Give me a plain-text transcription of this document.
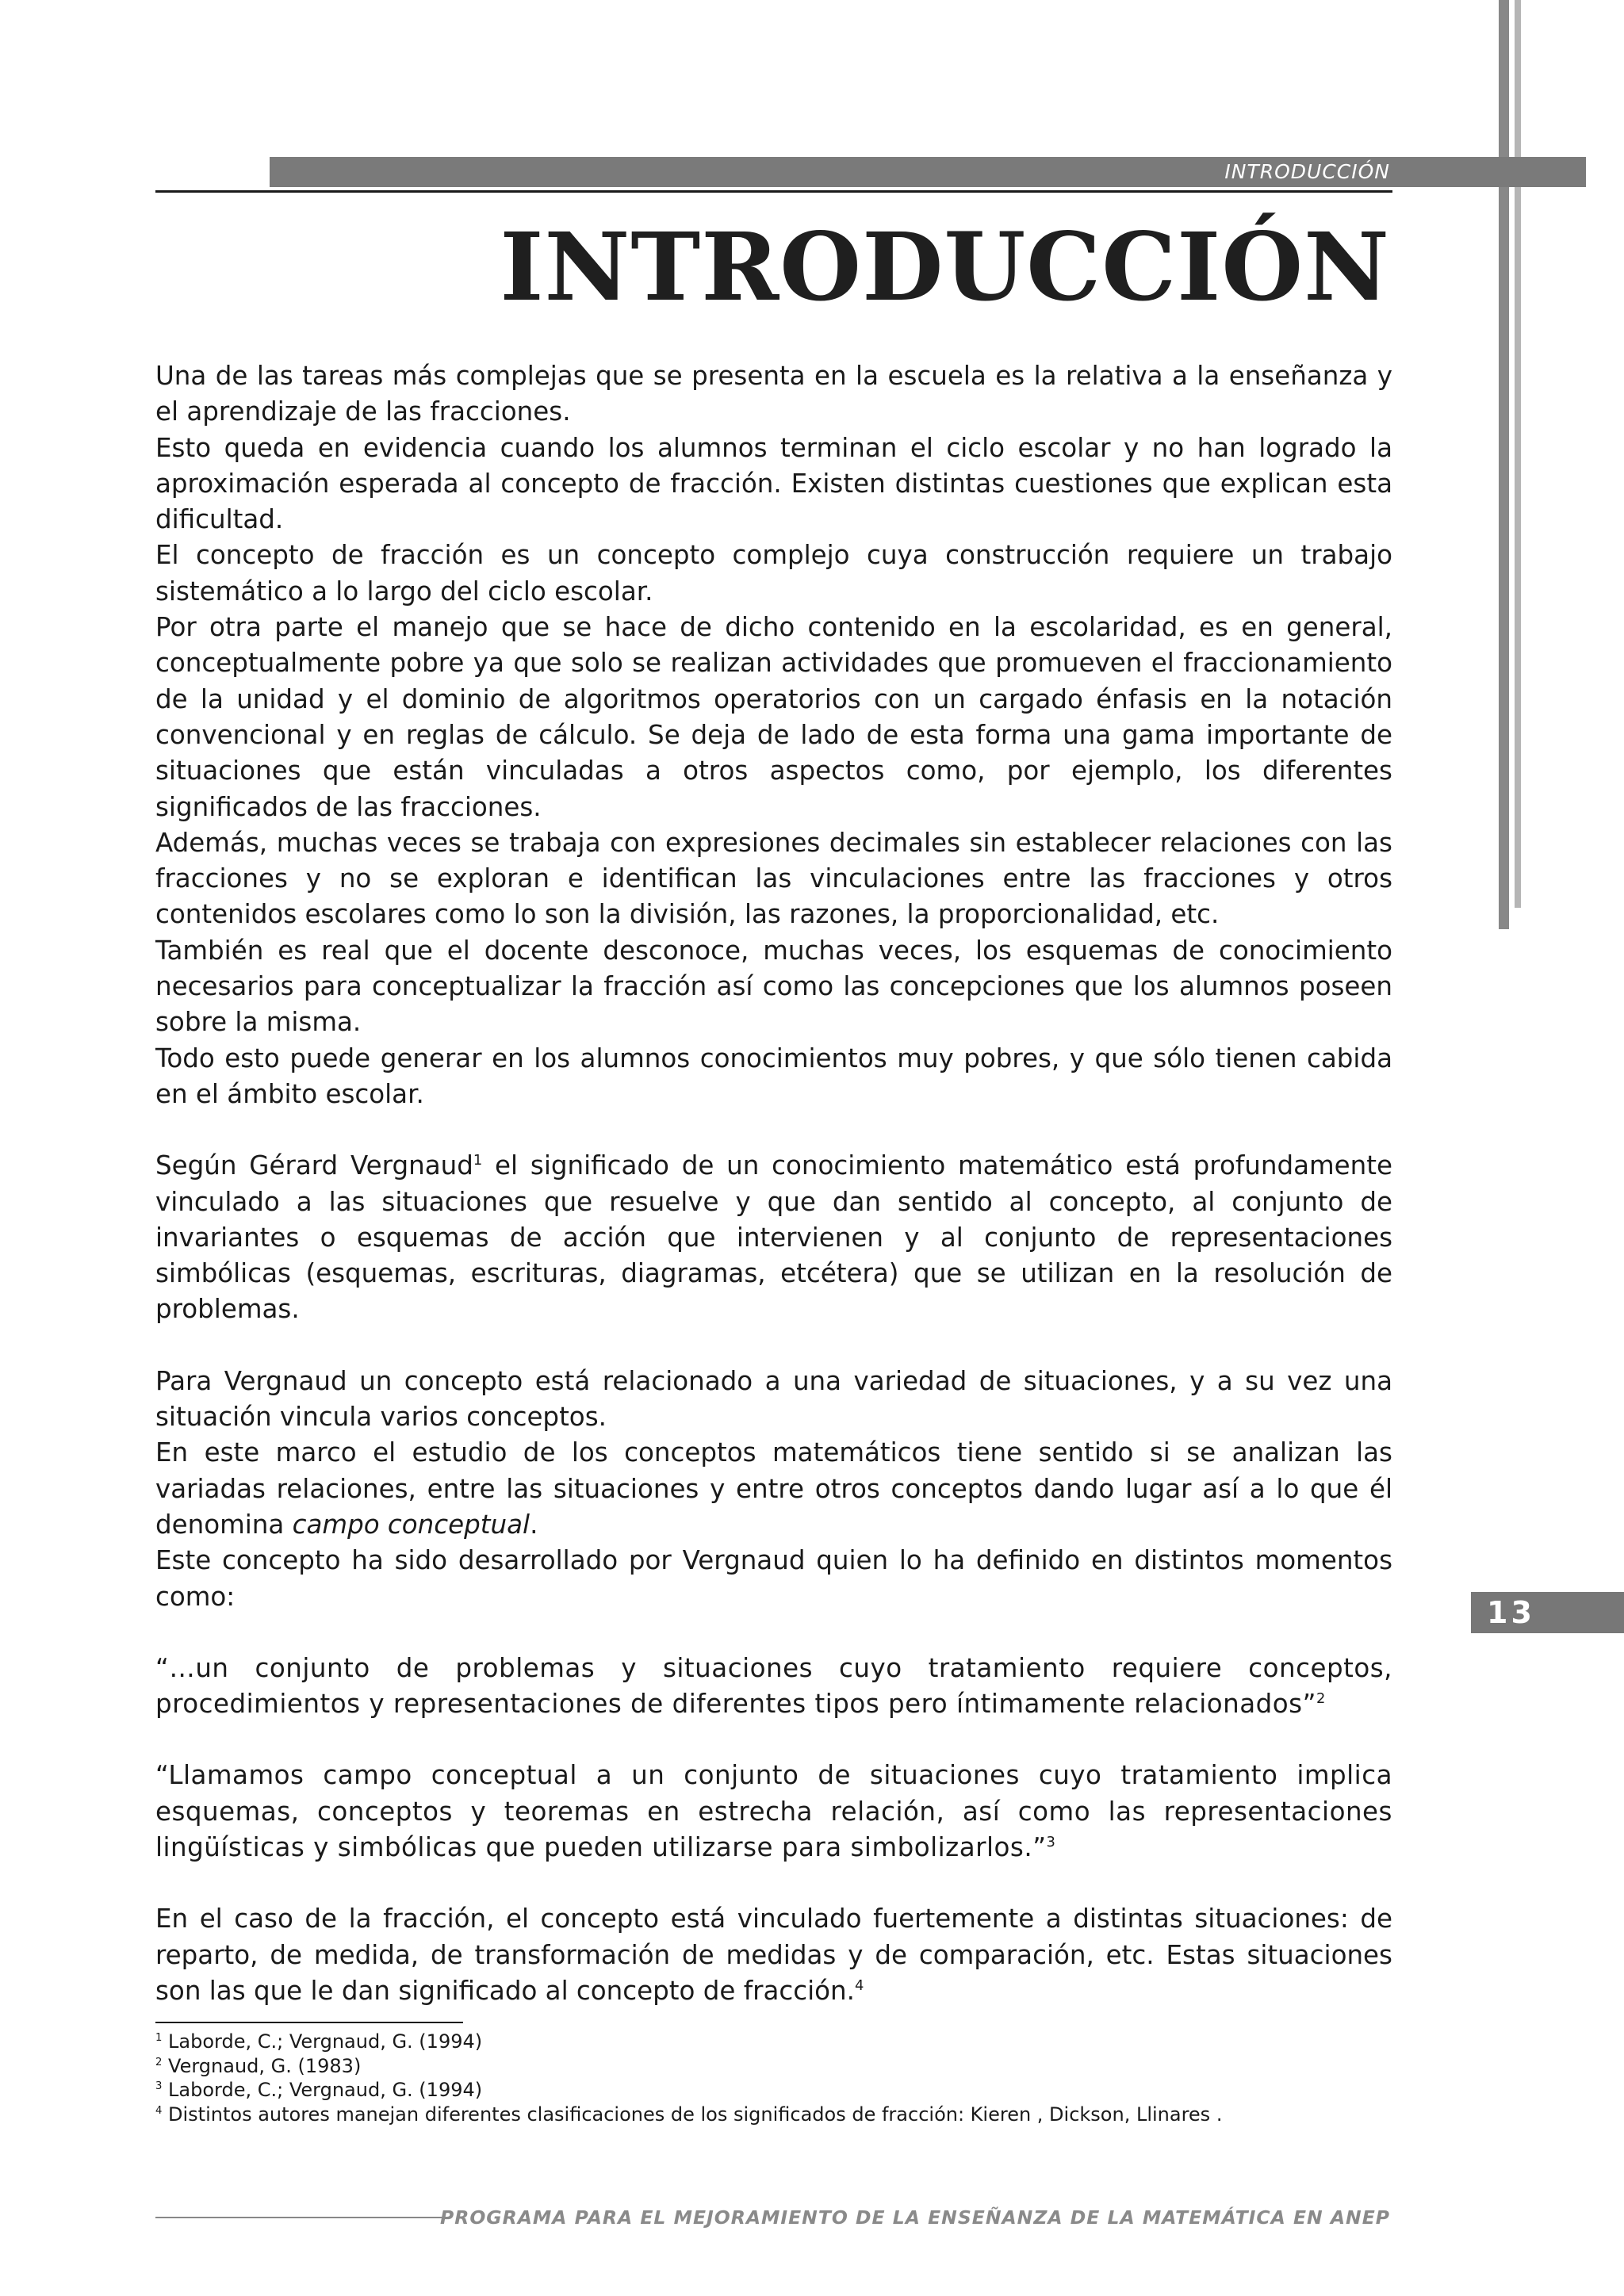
INTRODUCCIÓN
INTRODUCCIÓN

Una de las tareas más complejas que se presenta en la escuela es la relativa a la enseñanza y el aprendizaje de las fracciones.

Esto queda en evidencia cuando los alumnos terminan el ciclo escolar y no han logrado la aproximación esperada al concepto de fracción. Existen distintas cuestiones que explican esta dificultad.

El concepto de fracción es un concepto complejo cuya construcción requiere un trabajo sistemático a lo largo del ciclo escolar.

Por otra parte el manejo que se hace de dicho contenido en la escolaridad, es en general, conceptualmente pobre ya que solo se realizan actividades que promueven el fraccionamiento de la unidad y el dominio de algoritmos operatorios con un cargado énfasis en la notación convencional y en reglas de cálculo. Se deja de lado de esta forma una gama importante de situaciones que están vinculadas a otros aspectos como, por ejemplo, los diferentes significados de las fracciones.

Además, muchas veces se trabaja con expresiones decimales sin establecer relaciones con las fracciones y no se exploran e identifican las vinculaciones entre las fracciones y otros contenidos escolares como lo son la división, las razones, la proporcionalidad, etc.

También es real que el docente desconoce, muchas veces, los esquemas de conocimiento necesarios para conceptualizar la fracción así como las concepciones que los alumnos poseen sobre la misma.

Todo esto puede generar en los alumnos conocimientos muy pobres, y que sólo tienen cabida en el ámbito escolar.

Según Gérard Vergnaud$^1$ el significado de un conocimiento matemático está profundamente vinculado a las situaciones que resuelve y que dan sentido al concepto, al conjunto de invariantes o esquemas de acción que intervienen y al conjunto de representaciones simbólicas (esquemas, escrituras, diagramas, etcétera) que se utilizan en la resolución de problemas.

Para Vergnaud un concepto está relacionado a una variedad de situaciones, y a su vez una situación vincula varios conceptos.

En este marco el estudio de los conceptos matemáticos tiene sentido si se analizan las variadas relaciones, entre las situaciones y entre otros conceptos dando lugar así a lo que él denomina campo conceptual.

Este concepto ha sido desarrollado por Vergnaud quien lo ha definido en distintos momentos como:

“…un conjunto de problemas y situaciones cuyo tratamiento requiere conceptos, procedimientos y representaciones de diferentes tipos pero íntimamente relacionados”$^2$

“Llamamos campo conceptual a un conjunto de situaciones cuyo tratamiento implica esquemas, conceptos y teoremas en estrecha relación, así como las representaciones lingüísticas y simbólicas que pueden utilizarse para simbolizarlos.”$^3$

En el caso de la fracción, el concepto está vinculado fuertemente a distintas situaciones: de reparto, de medida, de transformación de medidas y de comparación, etc. Estas situaciones son las que le dan significado al concepto de fracción.$^4$

13

$^1$ Laborde, C.; Vergnaud, G. (1994)

$^2$ Vergnaud, G. (1983)

$^3$ Laborde, C.; Vergnaud, G. (1994)

$^4$ Distintos autores manejan diferentes clasificaciones de los significados de fracción: Kieren , Dickson, Llinares .

PROGRAMA PARA EL MEJORAMIENTO DE LA ENSEÑANZA DE LA MATEMÁTICA EN ANEP
